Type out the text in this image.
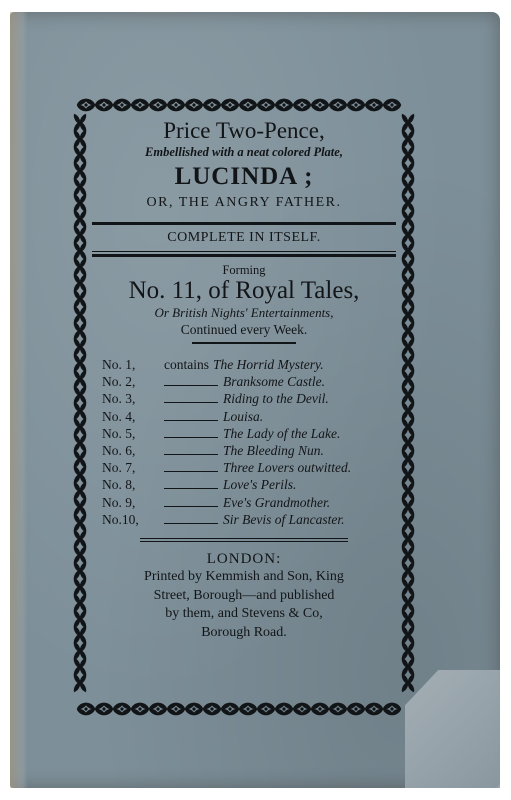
Price Two-Pence,
Embellished with a neat colored Plate,
LUCINDA ;
OR, THE ANGRY FATHER.
COMPLETE IN ITSELF.
Forming
No. 11, of Royal Tales,
Or British Nights' Entertainments,
Continued every Week.
No. 1,	contains The Horrid Mystery.
No. 2,	Branksome Castle.
No. 3,	Riding to the Devil.
No. 4,	Louisa.
No. 5,	The Lady of the Lake.
No. 6,	The Bleeding Nun.
No. 7,	Three Lovers outwitted.
No. 8,	Love's Perils.
No. 9,	Eve's Grandmother.
No.10,	Sir Bevis of Lancaster.
LONDON:
Printed by Kemmish and Son, King
Street, Borough—and published
by them, and Stevens & Co,
Borough Road.
